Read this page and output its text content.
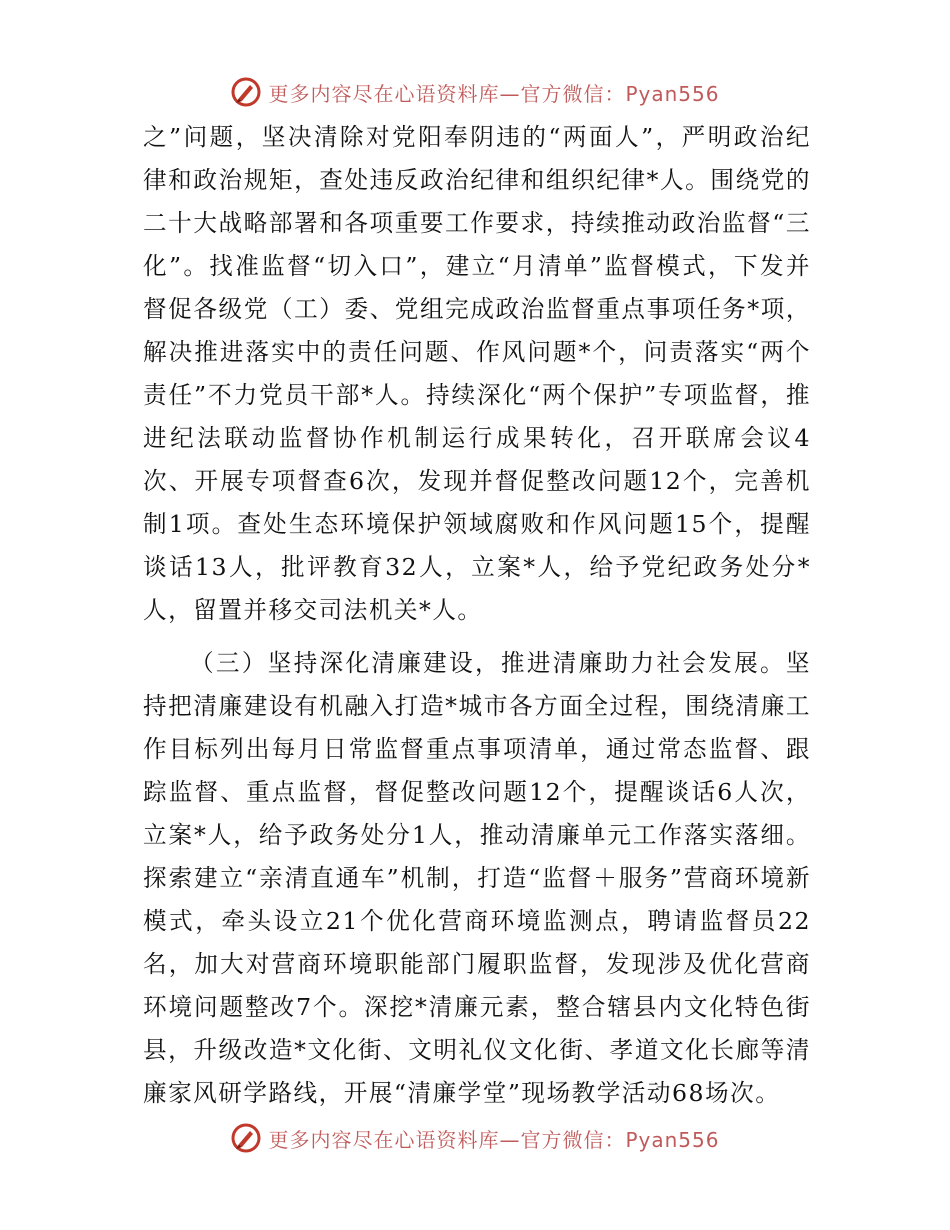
更多内容尽在心语资料库—官方微信：Pyan556

之”问题，坚决清除对党阳奉阴违的“两面人”，严明政治纪律和政治规矩，查处违反政治纪律和组织纪律*人。围绕党的二十大战略部署和各项重要工作要求，持续推动政治监督“三化”。找准监督“切入口”，建立“月清单”监督模式，下发并督促各级党（工）委、党组完成政治监督重点事项任务*项，解决推进落实中的责任问题、作风问题*个，问责落实“两个责任”不力党员干部*人。持续深化“两个保护”专项监督，推进纪法联动监督协作机制运行成果转化，召开联席会议4次、开展专项督查6次，发现并督促整改问题12个，完善机制1项。查处生态环境保护领域腐败和作风问题15个，提醒谈话13人，批评教育32人，立案*人，给予党纪政务处分*人，留置并移交司法机关*人。

（三）坚持深化清廉建设，推进清廉助力社会发展。坚持把清廉建设有机融入打造*城市各方面全过程，围绕清廉工作目标列出每月日常监督重点事项清单，通过常态监督、跟踪监督、重点监督，督促整改问题12个，提醒谈话6人次，立案*人，给予政务处分1人，推动清廉单元工作落实落细。探索建立“亲清直通车”机制，打造“监督＋服务”营商环境新模式，牵头设立21个优化营商环境监测点，聘请监督员22名，加大对营商环境职能部门履职监督，发现涉及优化营商环境问题整改7个。深挖*清廉元素，整合辖县内文化特色街县，升级改造*文化街、文明礼仪文化街、孝道文化长廊等清廉家风研学路线，开展“清廉学堂”现场教学活动68场次。

更多内容尽在心语资料库—官方微信：Pyan556
